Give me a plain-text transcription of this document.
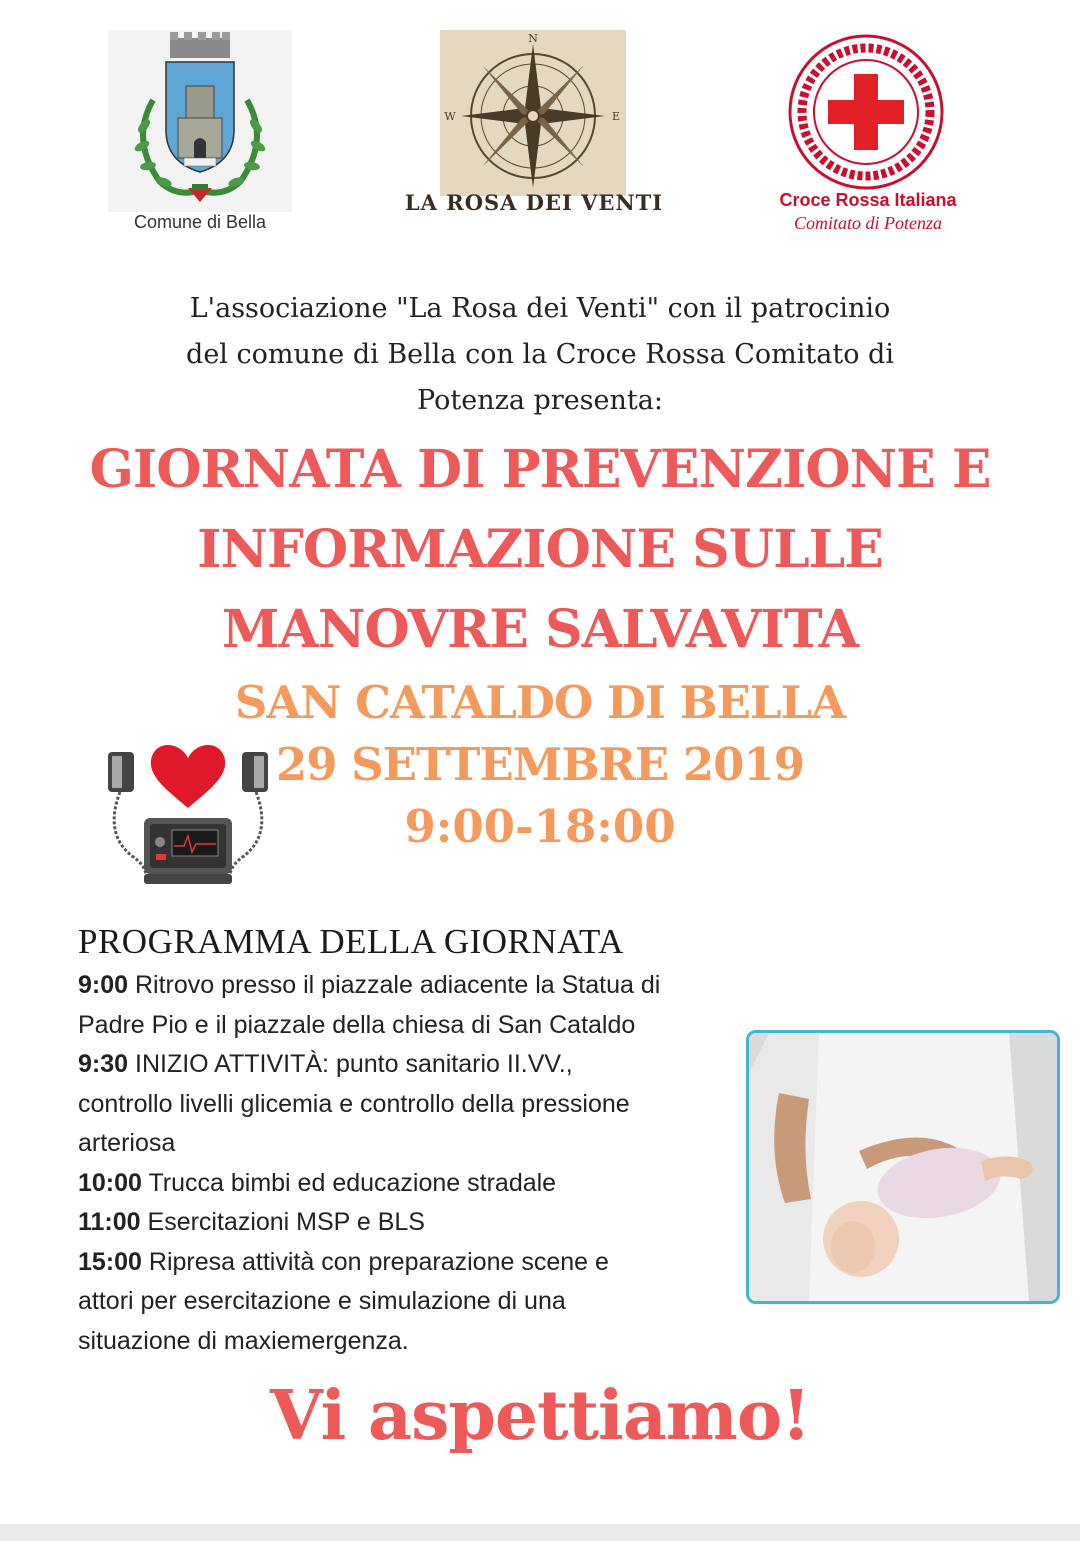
Comune di Bella
N
W	E
LA ROSA DEI VENTI	Croce Rossa Italiana
Comitato di Potenza
L'associazione "La Rosa dei Venti" con il patrocinio
del comune di Bella con la Croce Rossa Comitato di
Potenza presenta:
GIORNATA DI PREVENZIONE E
INFORMAZIONE SULLE
MANOVRE SALVAVITA
SAN CATALDO DI BELLA
29 SETTEMBRE 2019
9:00-18:00
PROGRAMMA DELLA GIORNATA
9:00 Ritrovo presso il piazzale adiacente la Statua di
Padre Pio e il piazzale della chiesa di San Cataldo
9:30 INIZIO ATTIVITÀ: punto sanitario II.VV.,
controllo livelli glicemia e controllo della pressione
arteriosa
10:00 Trucca bimbi ed educazione stradale
11:00 Esercitazioni MSP e BLS
15:00 Ripresa attività con preparazione scene e
attori per esercitazione e simulazione di una
situazione di maxiemergenza.
Vi aspettiamo!
